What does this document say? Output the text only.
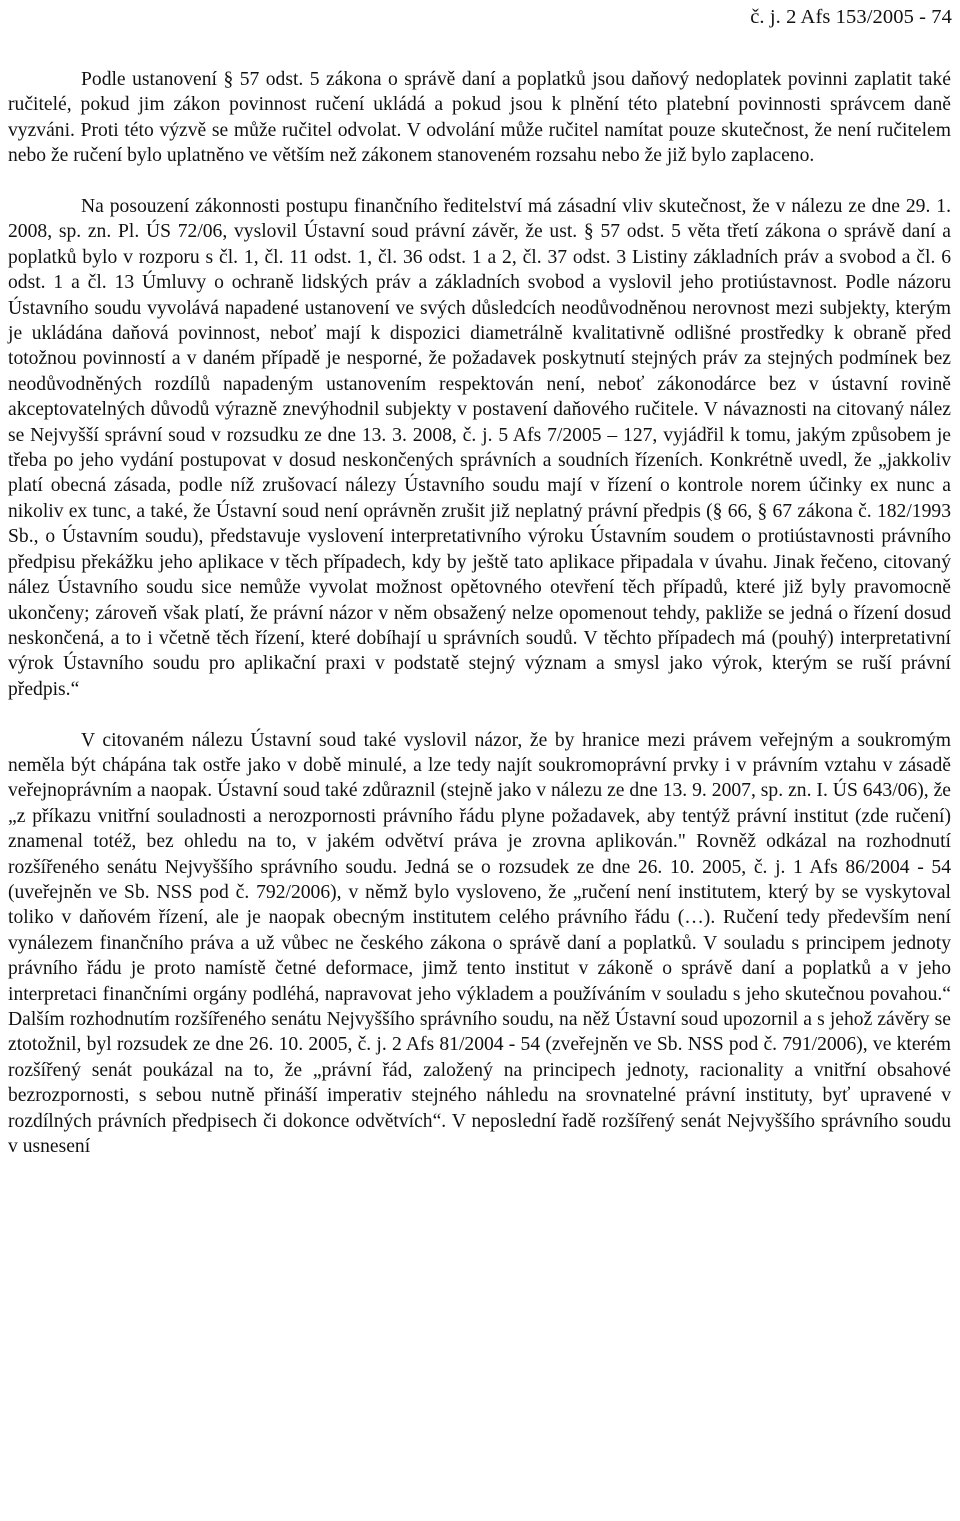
č. j. 2 Afs 153/2005 - 74

Podle ustanovení § 57 odst. 5 zákona o správě daní a poplatků jsou daňový nedoplatek povinni zaplatit také ručitelé, pokud jim zákon povinnost ručení ukládá a pokud jsou k plnění této platební povinnosti správcem daně vyzváni. Proti této výzvě se může ručitel odvolat. V odvolání může ručitel namítat pouze skutečnost, že není ručitelem nebo že ručení bylo uplatněno ve větším než zákonem stanoveném rozsahu nebo že již bylo zaplaceno.

Na posouzení zákonnosti postupu finančního ředitelství má zásadní vliv skutečnost, že v nálezu ze dne 29. 1. 2008, sp. zn. Pl. ÚS 72/06, vyslovil Ústavní soud právní závěr, že ust. § 57 odst. 5 věta třetí zákona o správě daní a poplatků bylo v rozporu s čl. 1, čl. 11 odst. 1, čl. 36 odst. 1 a 2, čl. 37 odst. 3 Listiny základních práv a svobod a čl. 6 odst. 1 a čl. 13 Úmluvy o ochraně lidských práv a základních svobod a vyslovil jeho protiústavnost. Podle názoru Ústavního soudu vyvolává napadené ustanovení ve svých důsledcích neodůvodněnou nerovnost mezi subjekty, kterým je ukládána daňová povinnost, neboť mají k dispozici diametrálně kvalitativně odlišné prostředky k obraně před totožnou povinností a v daném případě je nesporné, že požadavek poskytnutí stejných práv za stejných podmínek bez neodůvodněných rozdílů napadeným ustanovením respektován není, neboť zákonodárce bez v ústavní rovině akceptovatelných důvodů výrazně znevýhodnil subjekty v postavení daňového ručitele. V návaznosti na citovaný nález se Nejvyšší správní soud v rozsudku ze dne 13. 3. 2008, č. j. 5 Afs 7/2005 – 127, vyjádřil k tomu, jakým způsobem je třeba po jeho vydání postupovat v dosud neskončených správních a soudních řízeních. Konkrétně uvedl, že „jakkoliv platí obecná zásada, podle níž zrušovací nálezy Ústavního soudu mají v řízení o kontrole norem účinky ex nunc a nikoliv ex tunc, a také, že Ústavní soud není oprávněn zrušit již neplatný právní předpis (§ 66, § 67 zákona č. 182/1993 Sb., o Ústavním soudu), představuje vyslovení interpretativního výroku Ústavním soudem o protiústavnosti právního předpisu překážku jeho aplikace v těch případech, kdy by ještě tato aplikace připadala v úvahu. Jinak řečeno, citovaný nález Ústavního soudu sice nemůže vyvolat možnost opětovného otevření těch případů, které již byly pravomocně ukončeny; zároveň však platí, že právní názor v něm obsažený nelze opomenout tehdy, pakliže se jedná o řízení dosud neskončená, a to i včetně těch řízení, které dobíhají u správních soudů. V těchto případech má (pouhý) interpretativní výrok Ústavního soudu pro aplikační praxi v podstatě stejný význam a smysl jako výrok, kterým se ruší právní předpis.“

V citovaném nálezu Ústavní soud také vyslovil názor, že by hranice mezi právem veřejným a soukromým neměla být chápána tak ostře jako v době minulé, a lze tedy najít soukromoprávní prvky i v právním vztahu v zásadě veřejnoprávním a naopak. Ústavní soud také zdůraznil (stejně jako v nálezu ze dne 13. 9. 2007, sp. zn. I. ÚS 643/06), že „z příkazu vnitřní souladnosti a nerozpornosti právního řádu plyne požadavek, aby tentýž právní institut (zde ručení) znamenal totéž, bez ohledu na to, v jakém odvětví práva je zrovna aplikován." Rovněž odkázal na rozhodnutí rozšířeného senátu Nejvyššího správního soudu. Jedná se o rozsudek ze dne 26. 10. 2005, č. j. 1 Afs 86/2004 - 54 (uveřejněn ve Sb. NSS pod č. 792/2006), v němž bylo vysloveno, že „ručení není institutem, který by se vyskytoval toliko v daňovém řízení, ale je naopak obecným institutem celého právního řádu (…). Ručení tedy především není vynálezem finančního práva a už vůbec ne českého zákona o správě daní a poplatků. V souladu s principem jednoty právního řádu je proto namístě četné deformace, jimž tento institut v zákoně o správě daní a poplatků a v jeho interpretaci finančními orgány podléhá, napravovat jeho výkladem a používáním v souladu s jeho skutečnou povahou.“ Dalším rozhodnutím rozšířeného senátu Nejvyššího správního soudu, na něž Ústavní soud upozornil a s jehož závěry se ztotožnil, byl rozsudek ze dne 26. 10. 2005, č. j. 2 Afs 81/2004 - 54 (zveřejněn ve Sb. NSS pod č. 791/2006), ve kterém rozšířený senát poukázal na to, že „právní řád, založený na principech jednoty, racionality a vnitřní obsahové bezrozpornosti, s sebou nutně přináší imperativ stejného náhledu na srovnatelné právní instituty, byť upravené v rozdílných právních předpisech či dokonce odvětvích“. V neposlední řadě rozšířený senát Nejvyššího správního soudu v usnesení
